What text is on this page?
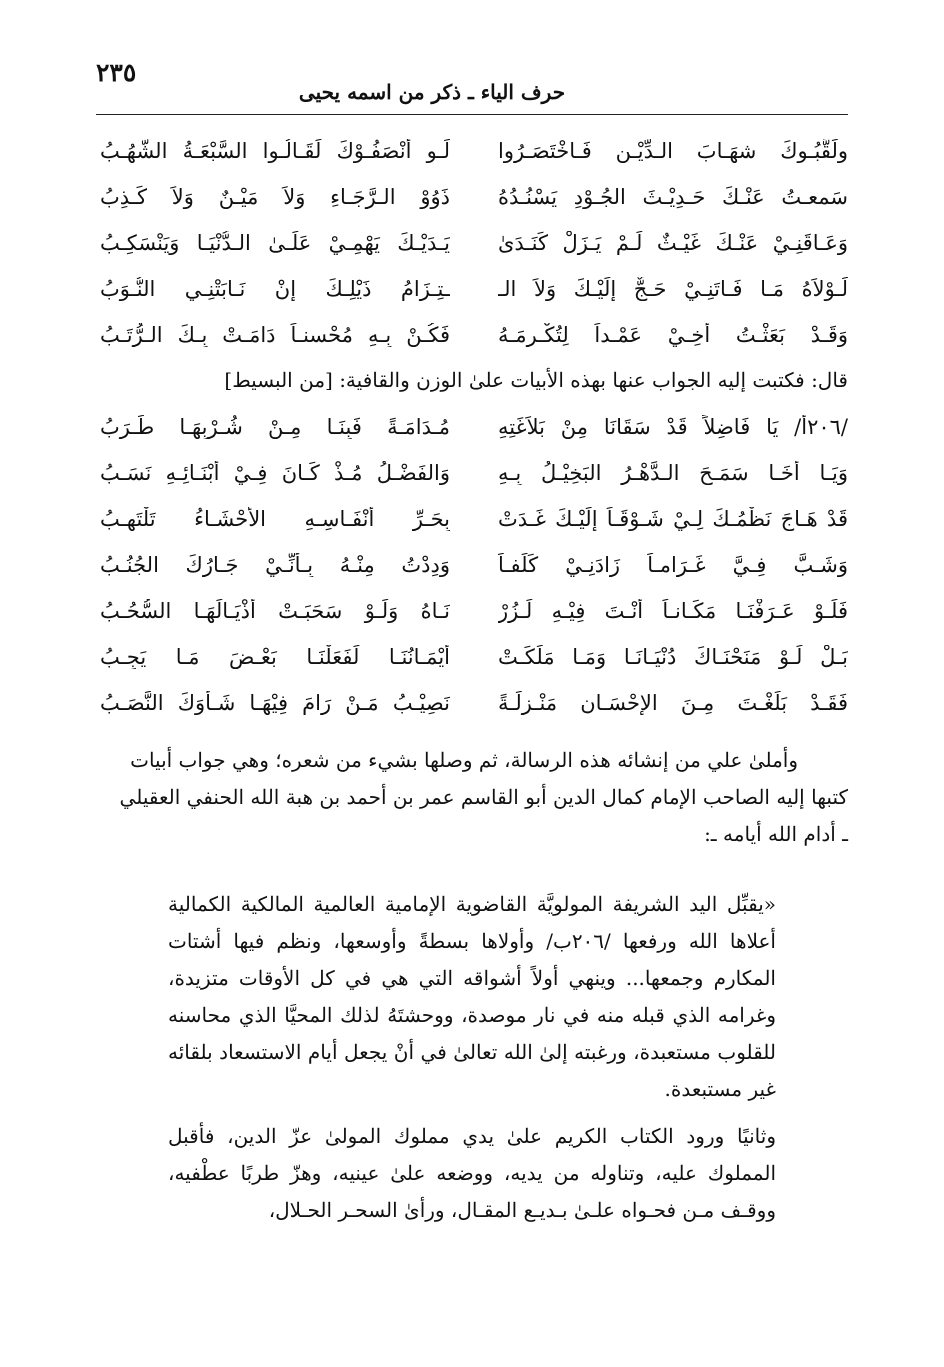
٢٣٥
حرف الياء ـ ذكر من اسمه يحيى
ولَقَّبُـوكَ شهَـابَ الـدِّيْـنِ فَـاخْتَصَـرُوا
لَـو أنْصَفُـوْكَ لَقَـالُـوا السَّبْعَـةُ الشُّهُـبُ
سَمعـتُ عَنْـكَ حَـدِيْـثَ الجُـوْدِ يَسْنُـدُهُ
ذَوُوْ الـرَّجَـاءِ وَلاَ مَيْـنٌ وَلاَ كَـذِبُ
وَعَـاقَنِـيْ عَنْـكَ غَيْـثٌ لَـمْ يَـزَلْ كَنَـدَىٰ
يَـدَيْـكَ يَهْمِـيْ عَلَـىٰ الـدُّنْيَـا وَيَنْسَكِـبُ
لَـوْلاَهُ مَـا فَـاتَنِـيْ حَـجٌّ إلَيْـكَ وَلاَ الـ
ـتِـزَامُ ذَيْلِـكَ إنْ نَـابَتْنِـي النُّـوَبُ
وَقَـدْ بَعَثْـتُ أخِـيْ عَمْـداً لِتُكْـرِمَـهُ
فَكُـنْ بِـهِ مُحْسنـاً دَامَـتْ بِـكَ الـرُّتَـبُ
قال: فكتبت إليه الجواب عنها بهذه الأبيات علىٰ الوزن والقافية: [من البسيط]
/٢٠٦أ/ يَا فَاضِلاً قَدْ سَقَانَا مِنْ بَلاَغَتِهِ
مُـدَامَـةً فَبِنَـا مِـنْ شُـرْبِهَـا طَـرَبُ
وَيَـا أخَـا سَمَـحَ الـدَّهْـرُ البَخِيْـلُ بِـهِ
وَالفَضْـلُ مُـذْ كَـانَ فِـيْ أَبْنَـائِـهِ نَسَـبُ
قَدْ هَـاجَ نَظْمُـكَ لِـيْ شَـوْقَـاً إلَيْـكَ غَـدَتْ
بِحَـرِّ أَنْفَـاسِـهِ الأَحْشَـاءُ تَلْتَهِـبُ
وَشَـبَّ فِـيَّ غَـرَامـاً زَادَنِـيْ كَلَفـاً
وَدِدْتُ مِنْـهُ بِـأَنِّـيْ جَـارُكَ الجُنُـبُ
فَلَـوْ عَـرَفْنَـا مَكَـانـاً أنْـتَ فِيْـهِ لَـزُرْ
نَـاهُ وَلَـوْ سَحَبَـتْ أذْيَـالَهَـا السُّحُـبُ
بَـلْ لَـوْ مَنَحْنَـاكَ دُنْيَـانَـا وَمَـا مَلَكَـتْ
أيْمَـانُنَـا لَفَعَلْنَـا بَعْـضَ مَـا يَجِـبُ
فَقَـدْ بَلَغْـتَ مِـنَ الإحْسَـانِ مَنْـزِلَـةً
نَصِيْـبُ مَـنْ رَامَ فِيْهَـا شَـأْوَكَ النَّصَـبُ

وأملىٰ علي من إنشائه هذه الرسالة، ثم وصلها بشيء من شعره؛ وهي جواب أبيات

كتبها إليه الصاحب الإمام كمال الدين أبو القاسم عمر بن أحمد بن هبة الله الحنفي العقيلي

ـ أدام الله أيامه ـ:

«يقبِّل اليد الشريفة المولويَّة القاضوية الإمامية العالمية المالكية الكمالية أعلاها الله ورفعها /٢٠٦ب/ وأولاها بسطةً وأوسعها، ونظم فيها أشتات المكارم وجمعها... وينهي أولاً أشواقه التي هي في كل الأوقات متزيدة، وغرامه الذي قبله منه في نار موصدة، ووحشتَهُ لذلك المحيَّا الذي محاسنه للقلوب مستعبدة، ورغبته إلىٰ الله تعالىٰ في أنْ يجعل أيام الاستسعاد بلقائه غير مستبعدة.

وثانيًا ورود الكتاب الكريم علىٰ يدي مملوك المولىٰ عزّ الدين، فأقبل المملوك عليه، وتناوله من يديه، ووضعه علىٰ عينيه، وهزّ طربًا عطْفيه، ووقـف مـن فحـواه علـىٰ بـديـع المقـال، ورأىٰ السحـر الحـلال،
